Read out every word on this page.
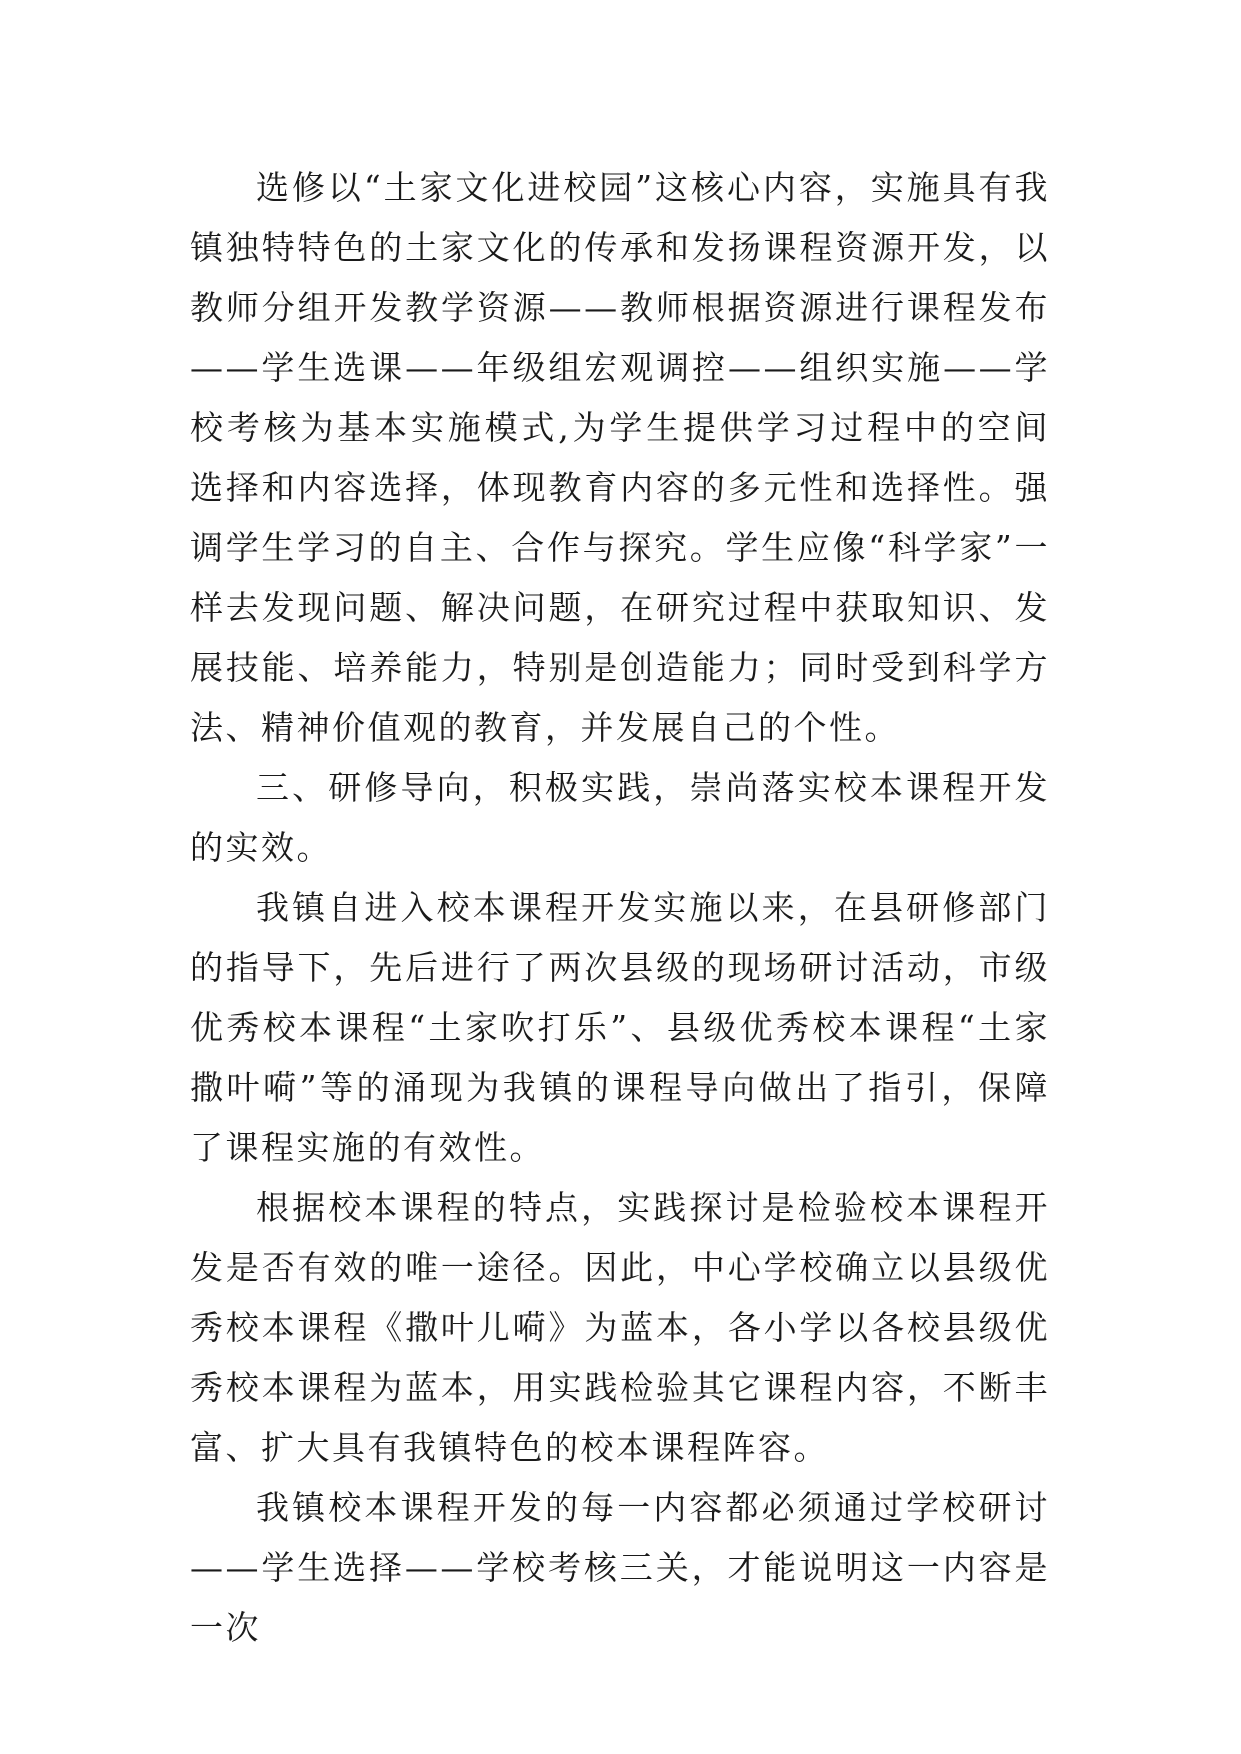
选修以“土家文化进校园”这核心内容，实施具有我镇独特特色的土家文化的传承和发扬课程资源开发，以教师分组开发教学资源——教师根据资源进行课程发布——学生选课——年级组宏观调控——组织实施——学校考核为基本实施模式,为学生提供学习过程中的空间选择和内容选择，体现教育内容的多元性和选择性。强调学生学习的自主、合作与探究。学生应像“科学家”一样去发现问题、解决问题，在研究过程中获取知识、发展技能、培养能力，特别是创造能力；同时受到科学方法、精神价值观的教育，并发展自己的个性。

三、研修导向，积极实践，崇尚落实校本课程开发的实效。

我镇自进入校本课程开发实施以来，在县研修部门的指导下，先后进行了两次县级的现场研讨活动，市级优秀校本课程“土家吹打乐”、县级优秀校本课程“土家撒叶嗬”等的涌现为我镇的课程导向做出了指引，保障了课程实施的有效性。

根据校本课程的特点，实践探讨是检验校本课程开发是否有效的唯一途径。因此，中心学校确立以县级优秀校本课程《撒叶儿嗬》为蓝本，各小学以各校县级优秀校本课程为蓝本，用实践检验其它课程内容，不断丰富、扩大具有我镇特色的校本课程阵容。

我镇校本课程开发的每一内容都必须通过学校研讨——学生选择——学校考核三关，才能说明这一内容是一次
